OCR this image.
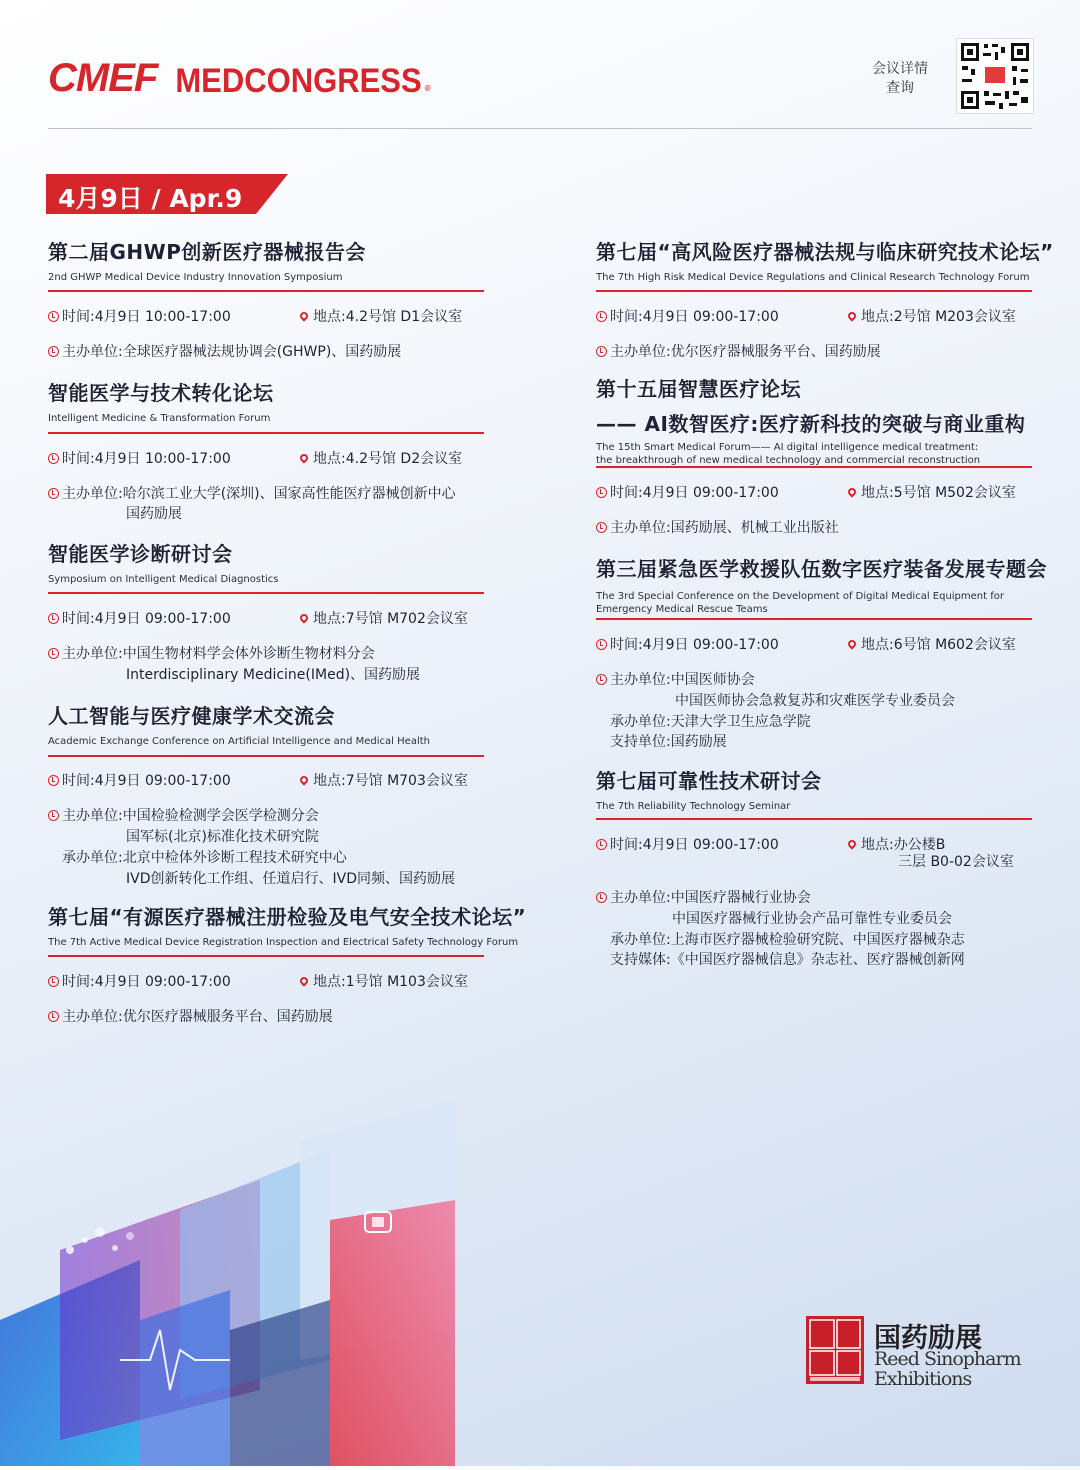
CMEF MEDCONGRESS ®
会议详情
查询
4月9日 / Apr.9
第二届GHWP创新医疗器械报告会
2nd GHWP Medical Device Industry Innovation Symposium
时间:4月9日 10:00-17:00	地点:4.2号馆 D1会议室
主办单位:全球医疗器械法规协调会(GHWP)、国药励展
智能医学与技术转化论坛
Intelligent Medicine & Transformation Forum
时间:4月9日 10:00-17:00	地点:4.2号馆 D2会议室
主办单位:哈尔滨工业大学(深圳)、国家高性能医疗器械创新中心
国药励展
智能医学诊断研讨会
Symposium on Intelligent Medical Diagnostics
时间:4月9日 09:00-17:00	地点:7号馆 M702会议室
主办单位:中国生物材料学会体外诊断生物材料分会
Interdisciplinary Medicine(IMed)、国药励展
人工智能与医疗健康学术交流会
Academic Exchange Conference on Artificial Intelligence and Medical Health
时间:4月9日 09:00-17:00	地点:7号馆 M703会议室
主办单位:中国检验检测学会医学检测分会
国军标(北京)标准化技术研究院
承办单位:北京中检体外诊断工程技术研究中心
IVD创新转化工作组、任道启行、IVD同频、国药励展
第七届“有源医疗器械注册检验及电气安全技术论坛”
The 7th Active Medical Device Registration Inspection and Electrical Safety Technology Forum
时间:4月9日 09:00-17:00	地点:1号馆 M103会议室
主办单位:优尔医疗器械服务平台、国药励展
第七届“高风险医疗器械法规与临床研究技术论坛”
The 7th High Risk Medical Device Regulations and Clinical Research Technology Forum
时间:4月9日 09:00-17:00	地点:2号馆 M203会议室
主办单位:优尔医疗器械服务平台、国药励展
第十五届智慧医疗论坛
—— AI数智医疗:医疗新科技的突破与商业重构
The 15th Smart Medical Forum—— AI digital intelligence medical treatment:
the breakthrough of new medical technology and commercial reconstruction
时间:4月9日 09:00-17:00	地点:5号馆 M502会议室
主办单位:国药励展、机械工业出版社
第三届紧急医学救援队伍数字医疗装备发展专题会
The 3rd Special Conference on the Development of Digital Medical Equipment for
Emergency Medical Rescue Teams
时间:4月9日 09:00-17:00	地点:6号馆 M602会议室
主办单位:中国医师协会
中国医师协会急救复苏和灾难医学专业委员会
承办单位:天津大学卫生应急学院
支持单位:国药励展
第七届可靠性技术研讨会
The 7th Reliability Technology Seminar
时间:4月9日 09:00-17:00	地点:办公楼B
三层 B0-02会议室
主办单位:中国医疗器械行业协会
中国医疗器械行业协会产品可靠性专业委员会
承办单位:上海市医疗器械检验研究院、中国医疗器械杂志
支持媒体:《中国医疗器械信息》杂志社、医疗器械创新网
国药励展
Reed Sinopharm
Exhibitions
